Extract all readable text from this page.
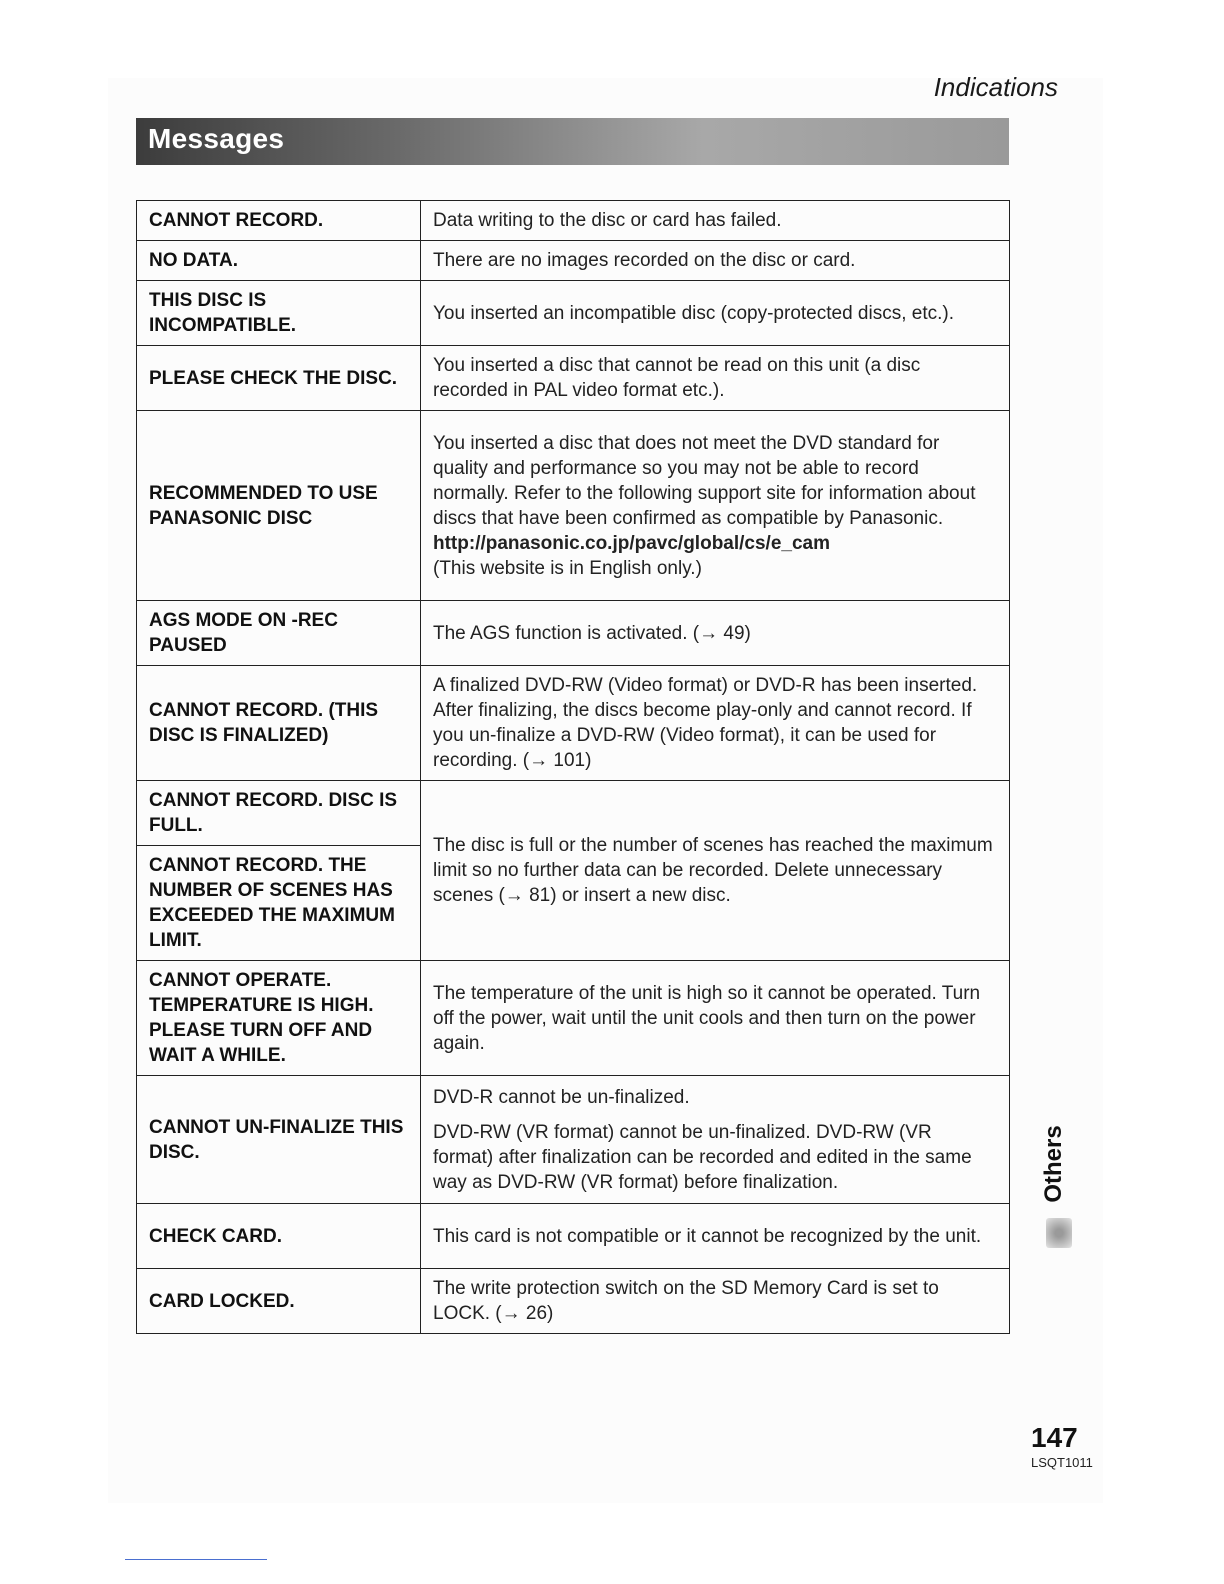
Indications
Messages
CANNOT RECORD.	Data writing to the disc or card has failed.

NO DATA.	There are no images recorded on the disc or card.

THIS DISC IS INCOMPATIBLE.	You inserted an incompatible disc (copy-protected discs, etc.).

PLEASE CHECK THE DISC.	You inserted a disc that cannot be read on this unit (a disc recorded in PAL video format etc.).

RECOMMENDED TO USE PANASONIC DISC	You inserted a disc that does not meet the DVD standard for quality and performance so you may not be able to record normally. Refer to the following support site for information about discs that have been confirmed as compatible by Panasonic.
http://panasonic.co.jp/pavc/global/cs/e_cam
(This website is in English only.)

AGS MODE ON -REC PAUSED	The AGS function is activated. (→ 49)

CANNOT RECORD. (THIS DISC IS FINALIZED)	A finalized DVD-RW (Video format) or DVD-R has been inserted. After finalizing, the discs become play-only and cannot record. If you un-finalize a DVD-RW (Video format), it can be used for recording. (→ 101)

CANNOT RECORD. DISC IS FULL.	The disc is full or the number of scenes has reached the maximum limit so no further data can be recorded. Delete unnecessary scenes (→ 81) or insert a new disc.

CANNOT RECORD. THE NUMBER OF SCENES HAS EXCEEDED THE MAXIMUM LIMIT.	
CANNOT OPERATE. TEMPERATURE IS HIGH. PLEASE TURN OFF AND WAIT A WHILE.	The temperature of the unit is high so it cannot be operated. Turn off the power, wait until the unit cools and then turn on the power again.

CANNOT UN-FINALIZE THIS DISC.	DVD-R cannot be un-finalized.
DVD-RW (VR format) cannot be un-finalized. DVD-RW (VR format) after finalization can be recorded and edited in the same way as DVD-RW (VR format) before finalization.

CHECK CARD.	This card is not compatible or it cannot be recognized by the unit.

CARD LOCKED.	The write protection switch on the SD Memory Card is set to LOCK. (→ 26)
Others
147
LSQT1011
